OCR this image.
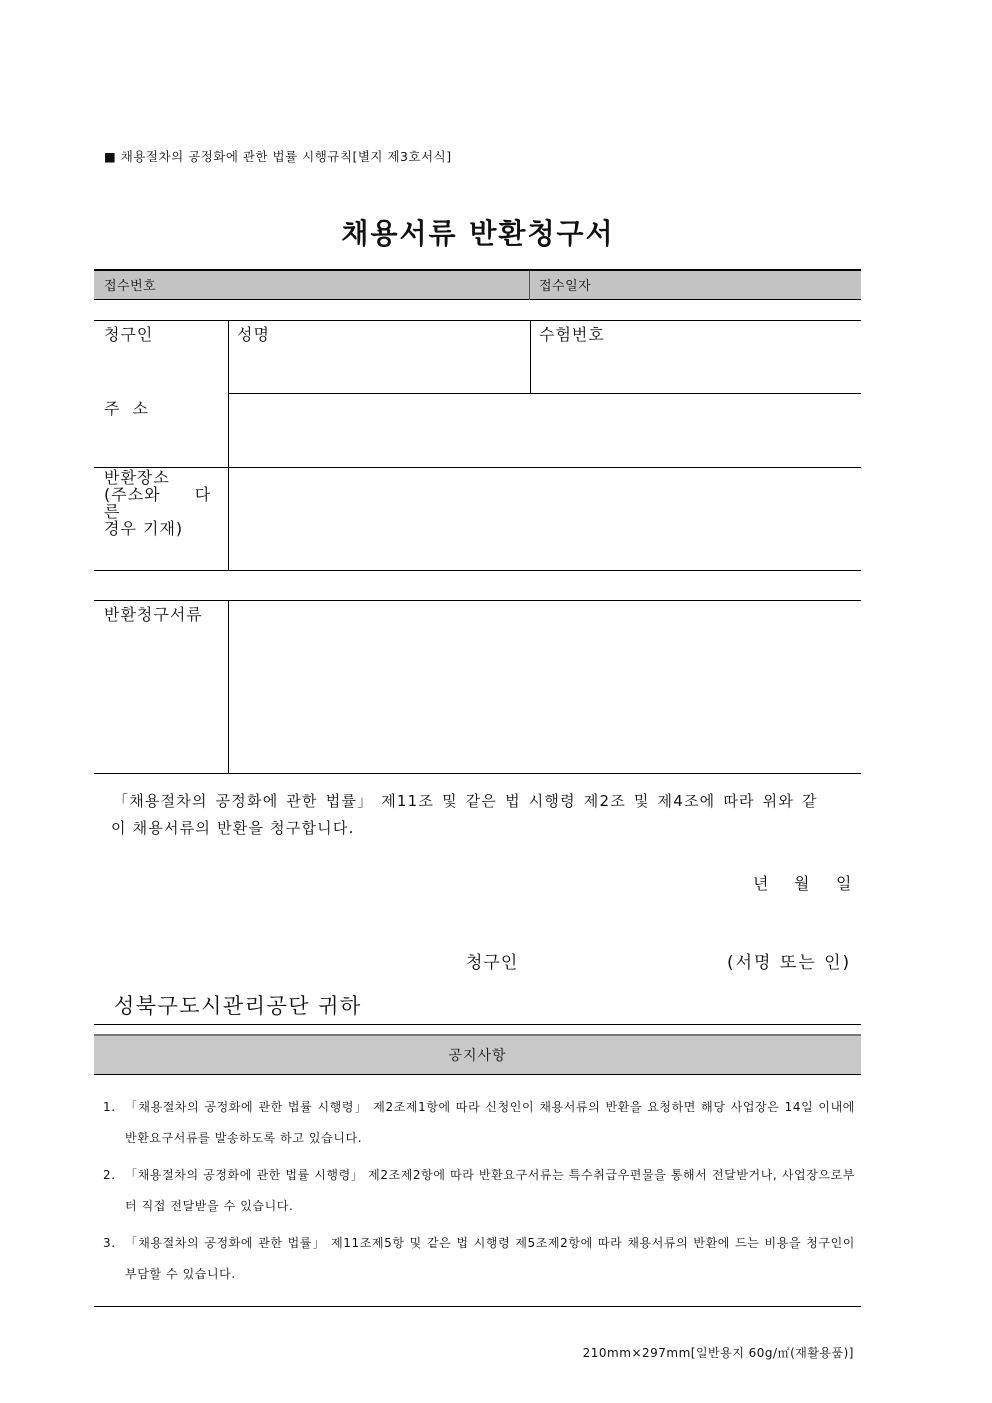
■ 채용절차의 공정화에 관한 법률 시행규칙[별지 제3호서식]
채용서류 반환청구서
접수번호	접수일자
청구인	성명	수험번호
주 소
반환장소
(주소와 다른
경우 기재)
반환청구서류
「채용절차의 공정화에 관한 법률」 제11조 및 같은 법 시행령 제2조 및 제4조에 따라 위와 같
이 채용서류의 반환을 청구합니다.
년 월 일
청구인	(서명 또는 인)
성북구도시관리공단 귀하
공지사항
1. 「채용절차의 공정화에 관한 법률 시행령」 제2조제1항에 따라 신청인이 채용서류의 반환을 요청하면 해당 사업장은 14일 이내에 반환요구서류를 발송하도록 하고 있습니다.
2. 「채용절차의 공정화에 관한 법률 시행령」 제2조제2항에 따라 반환요구서류는 특수취급우편물을 통해서 전달받거나, 사업장으로부터 직접 전달받을 수 있습니다.
3. 「채용절차의 공정화에 관한 법률」 제11조제5항 및 같은 법 시행령 제5조제2항에 따라 채용서류의 반환에 드는 비용을 청구인이 부담할 수 있습니다.
210mm×297mm[일반용지 60g/㎡(재활용품)]
